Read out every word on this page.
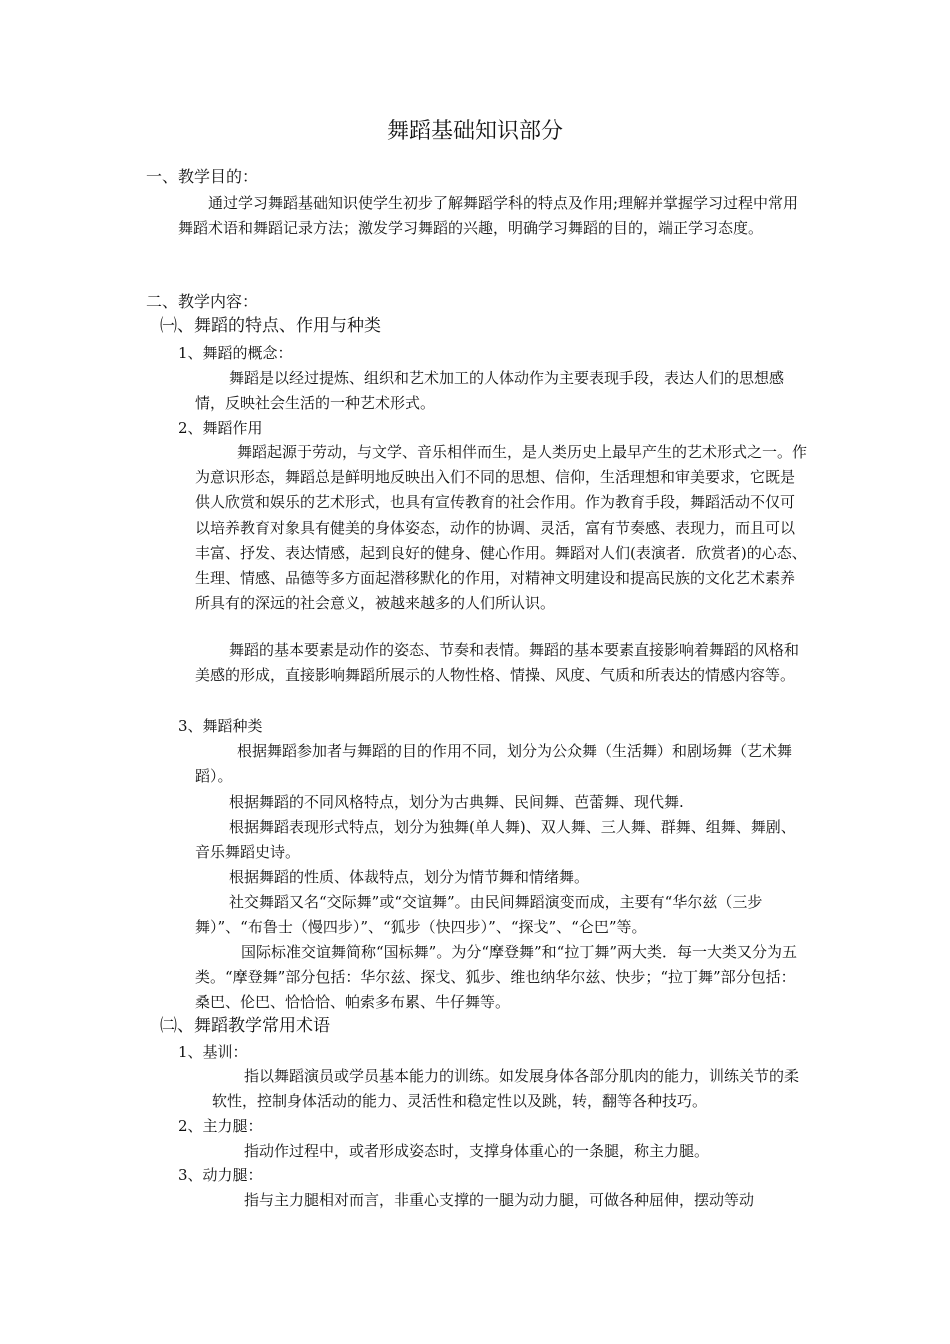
舞蹈基础知识部分
一、教学目的：
通过学习舞蹈基础知识使学生初步了解舞蹈学科的特点及作用;理解并掌握学习过程中常用舞蹈术语和舞蹈记录方法；激发学习舞蹈的兴趣，明确学习舞蹈的目的，端正学习态度。
二、教学内容：
㈠、舞蹈的特点、作用与种类
1、舞蹈的概念：
舞蹈是以经过提炼、组织和艺术加工的人体动作为主要表现手段，表达人们的思想感情，反映社会生活的一种艺术形式。
2、舞蹈作用
舞蹈起源于劳动，与文学、音乐相伴而生，是人类历史上最早产生的艺术形式之一。作为意识形态，舞蹈总是鲜明地反映出入们不同的思想、信仰，生活理想和审美要求，它既是供人欣赏和娱乐的艺术形式，也具有宣传教育的社会作用。作为教育手段，舞蹈活动不仅可以培养教育对象具有健美的身体姿态，动作的协调、灵活，富有节奏感、表现力，而且可以丰富、抒发、表达情感，起到良好的健身、健心作用。舞蹈对人们(表演者．欣赏者)的心态、生理、情感、品德等多方面起潜移默化的作用，对精神文明建设和提高民族的文化艺术素养所具有的深远的社会意义，被越来越多的人们所认识。
舞蹈的基本要素是动作的姿态、节奏和表情。舞蹈的基本要素直接影响着舞蹈的风格和美感的形成，直接影响舞蹈所展示的人物性格、情操、风度、气质和所表达的情感内容等。
3、舞蹈种类
根据舞蹈参加者与舞蹈的目的作用不同，划分为公众舞（生活舞）和剧场舞（艺术舞蹈）。
根据舞蹈的不同风格特点，划分为古典舞、民间舞、芭蕾舞、现代舞.
根据舞蹈表现形式特点，划分为独舞(单人舞)、双人舞、三人舞、群舞、组舞、舞剧、音乐舞蹈史诗。
根据舞蹈的性质、体裁特点，划分为情节舞和情绪舞。
社交舞蹈又名“交际舞”或“交谊舞”。由民间舞蹈演变而成，主要有“华尔兹（三步舞）”、“布鲁士（慢四步）”、“狐步（快四步）”、“探戈”、“仑巴”等。
国际标准交谊舞简称“国标舞”。为分“摩登舞”和“拉丁舞”两大类．每一大类又分为五类。“摩登舞”部分包括：华尔兹、探戈、狐步、维也纳华尔兹、快步；“拉丁舞”部分包括：桑巴、伦巴、恰恰恰、帕索多布累、牛仔舞等。
㈡、舞蹈教学常用术语
1、基训：
指以舞蹈演员或学员基本能力的训练。如发展身体各部分肌肉的能力，训练关节的柔软性，控制身体活动的能力、灵活性和稳定性以及跳，转，翻等各种技巧。
2、主力腿：
指动作过程中，或者形成姿态时，支撑身体重心的一条腿，称主力腿。
3、动力腿：
指与主力腿相对而言，非重心支撑的一腿为动力腿，可做各种屈伸，摆动等动
